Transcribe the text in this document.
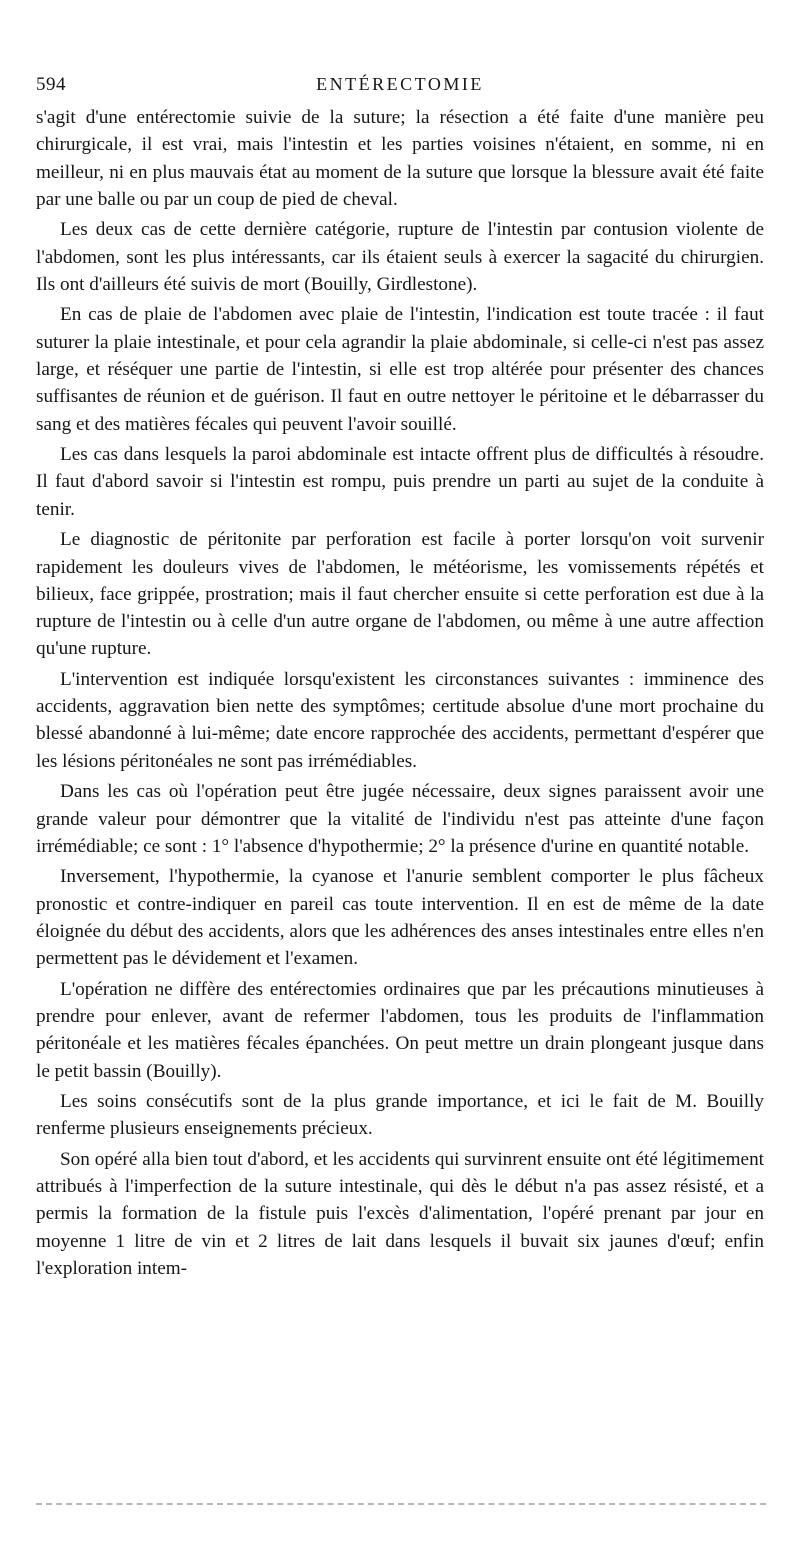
594	ENTÉRECTOMIE

s'agit d'une entérectomie suivie de la suture; la résection a été faite d'une manière peu chirurgicale, il est vrai, mais l'intestin et les parties voisines n'étaient, en somme, ni en meilleur, ni en plus mauvais état au moment de la suture que lorsque la blessure avait été faite par une balle ou par un coup de pied de cheval.

Les deux cas de cette dernière catégorie, rupture de l'intestin par contusion violente de l'abdomen, sont les plus intéressants, car ils étaient seuls à exercer la sagacité du chirurgien. Ils ont d'ailleurs été suivis de mort (Bouilly, Girdlestone).

En cas de plaie de l'abdomen avec plaie de l'intestin, l'indication est toute tracée : il faut suturer la plaie intestinale, et pour cela agrandir la plaie abdominale, si celle-ci n'est pas assez large, et réséquer une partie de l'intestin, si elle est trop altérée pour présenter des chances suffisantes de réunion et de guérison. Il faut en outre nettoyer le péritoine et le débarrasser du sang et des matières fécales qui peuvent l'avoir souillé.

Les cas dans lesquels la paroi abdominale est intacte offrent plus de difficultés à résoudre. Il faut d'abord savoir si l'intestin est rompu, puis prendre un parti au sujet de la conduite à tenir.

Le diagnostic de péritonite par perforation est facile à porter lorsqu'on voit survenir rapidement les douleurs vives de l'abdomen, le météorisme, les vomissements répétés et bilieux, face grippée, prostration; mais il faut chercher ensuite si cette perforation est due à la rupture de l'intestin ou à celle d'un autre organe de l'abdomen, ou même à une autre affection qu'une rupture.

L'intervention est indiquée lorsqu'existent les circonstances suivantes : imminence des accidents, aggravation bien nette des symptômes; certitude absolue d'une mort prochaine du blessé abandonné à lui-même; date encore rapprochée des accidents, permettant d'espérer que les lésions péritonéales ne sont pas irrémédiables.

Dans les cas où l'opération peut être jugée nécessaire, deux signes paraissent avoir une grande valeur pour démontrer que la vitalité de l'individu n'est pas atteinte d'une façon irrémédiable; ce sont : 1° l'absence d'hypothermie; 2° la présence d'urine en quantité notable.

Inversement, l'hypothermie, la cyanose et l'anurie semblent comporter le plus fâcheux pronostic et contre-indiquer en pareil cas toute intervention. Il en est de même de la date éloignée du début des accidents, alors que les adhérences des anses intestinales entre elles n'en permettent pas le dévidement et l'examen.

L'opération ne diffère des entérectomies ordinaires que par les précautions minutieuses à prendre pour enlever, avant de refermer l'abdomen, tous les produits de l'inflammation péritonéale et les matières fécales épanchées. On peut mettre un drain plongeant jusque dans le petit bassin (Bouilly).

Les soins consécutifs sont de la plus grande importance, et ici le fait de M. Bouilly renferme plusieurs enseignements précieux.

Son opéré alla bien tout d'abord, et les accidents qui survinrent ensuite ont été légitimement attribués à l'imperfection de la suture intestinale, qui dès le début n'a pas assez résisté, et a permis la formation de la fistule puis l'excès d'alimentation, l'opéré prenant par jour en moyenne 1 litre de vin et 2 litres de lait dans lesquels il buvait six jaunes d'œuf; enfin l'exploration intem-
